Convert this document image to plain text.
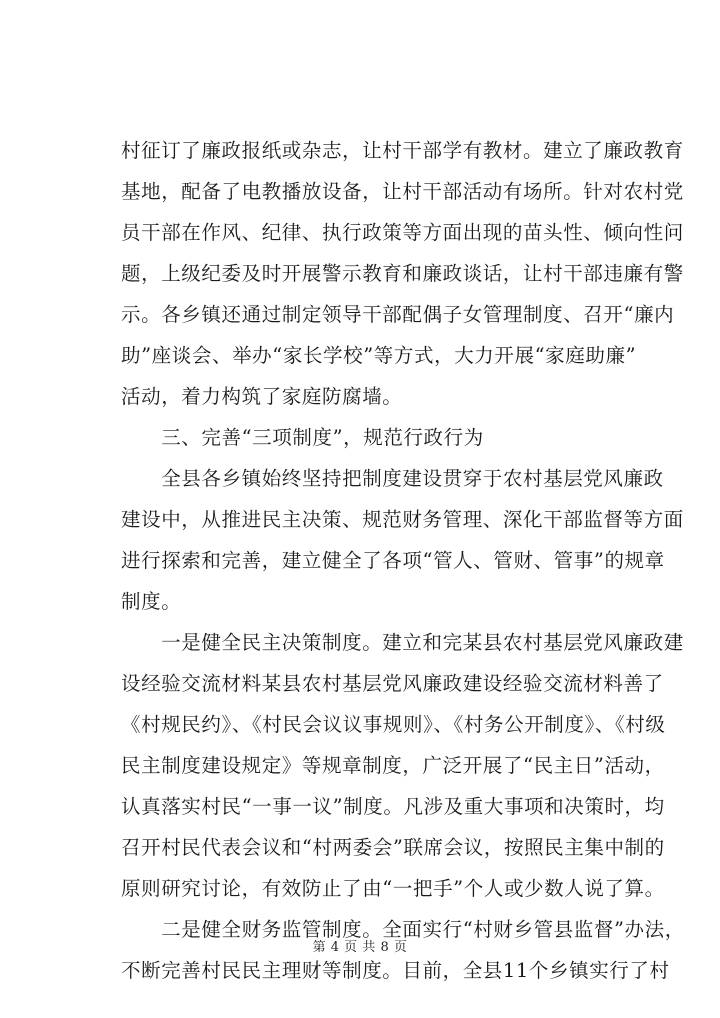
村征订了廉政报纸或杂志，让村干部学有教材。建立了廉政教育
基地，配备了电教播放设备，让村干部活动有场所。针对农村党
员干部在作风、纪律、执行政策等方面出现的苗头性、倾向性问
题，上级纪委及时开展警示教育和廉政谈话，让村干部违廉有警
示。各乡镇还通过制定领导干部配偶子女管理制度、召开“廉内
助”座谈会、举办“家长学校”等方式，大力开展“家庭助廉”
活动，着力构筑了家庭防腐墙。
　　三、完善“三项制度”，规范行政行为
　　全县各乡镇始终坚持把制度建设贯穿于农村基层党风廉政
建设中，从推进民主决策、规范财务管理、深化干部监督等方面
进行探索和完善，建立健全了各项“管人、管财、管事”的规章
制度。
　　一是健全民主决策制度。建立和完某县农村基层党风廉政建
设经验交流材料某县农村基层党风廉政建设经验交流材料善了
《村规民约》、《村民会议议事规则》、《村务公开制度》、《村级
民主制度建设规定》等规章制度，广泛开展了“民主日”活动，
认真落实村民“一事一议”制度。凡涉及重大事项和决策时，均
召开村民代表会议和“村两委会”联席会议，按照民主集中制的
原则研究讨论，有效防止了由“一把手”个人或少数人说了算。
　　二是健全财务监管制度。全面实行“村财乡管县监督”办法，
不断完善村民民主理财等制度。目前，全县11个乡镇实行了村
第 4 页 共 8 页
